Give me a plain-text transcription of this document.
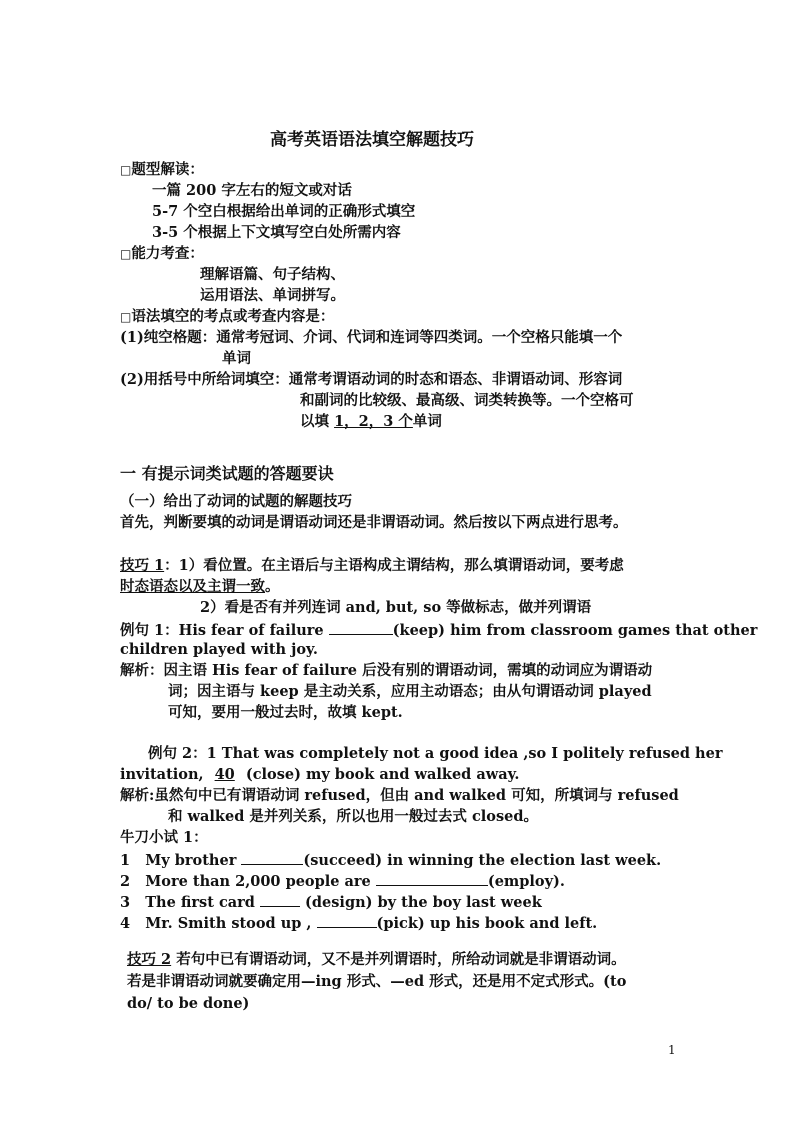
高考英语语法填空解题技巧
□题型解读：
一篇 200 字左右的短文或对话
5-7 个空白根据给出单词的正确形式填空
3-5 个根据上下文填写空白处所需内容
□能力考查：
理解语篇、句子结构、
运用语法、单词拼写。
□语法填空的考点或考查内容是：
(1)纯空格题：通常考冠词、介词、代词和连词等四类词。一个空格只能填一个
单词
(2)用括号中所给词填空：通常考谓语动词的时态和语态、非谓语动词、形容词
和副词的比较级、最高级、词类转换等。一个空格可
以填 1，2，3 个单词
一 有提示词类试题的答题要诀
（一）给出了动词的试题的解题技巧
首先，判断要填的动词是谓语动词还是非谓语动词。然后按以下两点进行思考。
技巧 1：1）看位置。在主语后与主语构成主谓结构，那么填谓语动词，要考虑
时态语态以及主谓一致。
2）看是否有并列连词 and, but, so 等做标志，做并列谓语
例句 1：His fear of failure	(keep) him from classroom games that other
children played with joy.
解析：因主语 His fear of failure 后没有别的谓语动词，需填的动词应为谓语动
词；因主语与 keep 是主动关系，应用主动语态；由从句谓语动词 played
可知，要用一般过去时，故填 kept.
例句 2：1 That was completely not a good idea ,so I politely refused her
invitation, 40 (close) my book and walked away.
解析:虽然句中已有谓语动词 refused，但由 and walked 可知，所填词与 refused
和 walked 是并列关系，所以也用一般过去式 closed。
牛刀小试 1：
1 My brother	(succeed) in winning the election last week.
2 More than 2,000 people are	(employ).
3 The first card	(design) by the boy last week
4 Mr. Smith stood up ,	(pick) up his book and left.
技巧 2 若句中已有谓语动词，又不是并列谓语时，所给动词就是非谓语动词。
若是非谓语动词就要确定用—ing 形式、—ed 形式，还是用不定式形式。(to
do/ to be done)
1
